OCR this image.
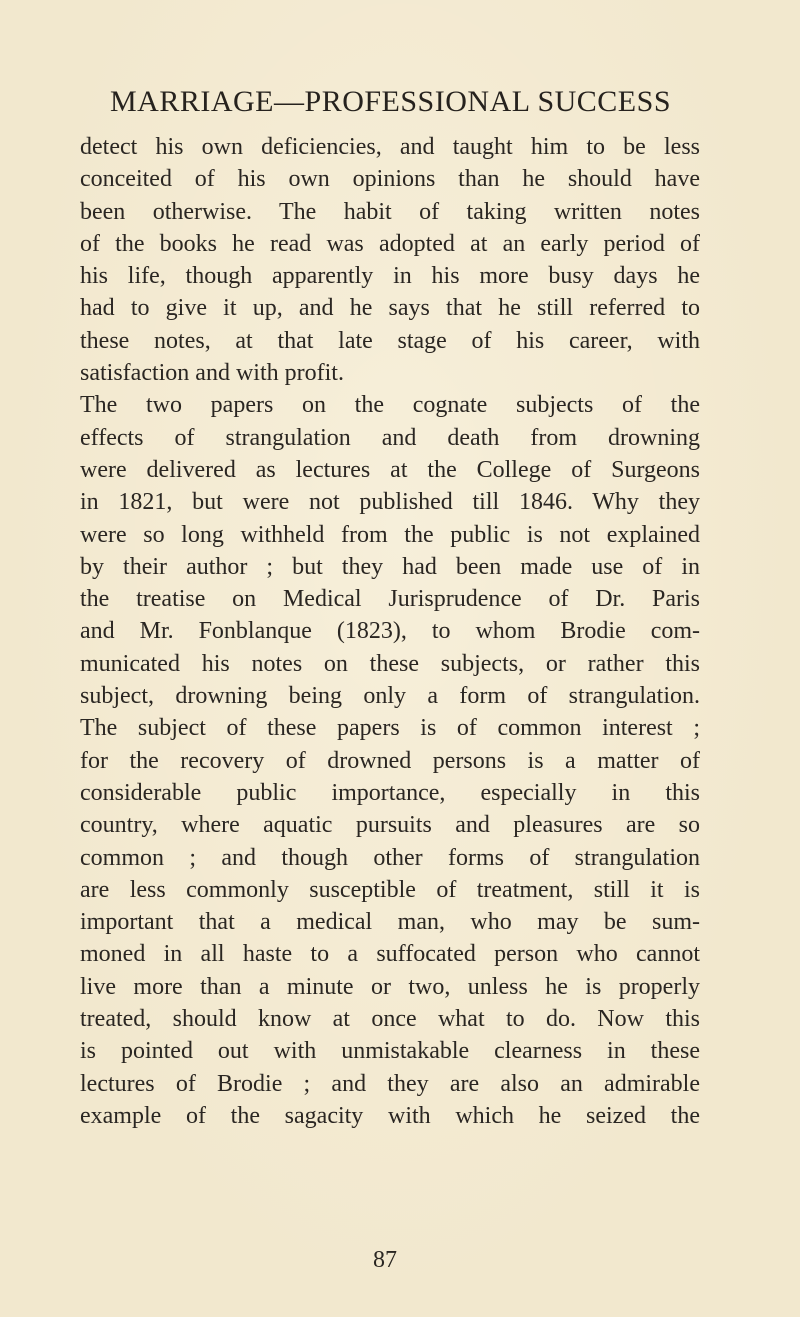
MARRIAGE—PROFESSIONAL SUCCESS
detect his own deficiencies, and taught him to be less
conceited of his own opinions than he should have
been otherwise. The habit of taking written notes
of the books he read was adopted at an early period of
his life, though apparently in his more busy days he
had to give it up, and he says that he still referred to
these notes, at that late stage of his career, with
satisfaction and with profit.
The two papers on the cognate subjects of the
effects of strangulation and death from drowning
were delivered as lectures at the College of Surgeons
in 1821, but were not published till 1846. Why they
were so long withheld from the public is not explained
by their author ; but they had been made use of in
the treatise on Medical Jurisprudence of Dr. Paris
and Mr. Fonblanque (1823), to whom Brodie com-
municated his notes on these subjects, or rather this
subject, drowning being only a form of strangulation.
The subject of these papers is of common interest ;
for the recovery of drowned persons is a matter of
considerable public importance, especially in this
country, where aquatic pursuits and pleasures are so
common ; and though other forms of strangulation
are less commonly susceptible of treatment, still it is
important that a medical man, who may be sum-
moned in all haste to a suffocated person who cannot
live more than a minute or two, unless he is properly
treated, should know at once what to do. Now this
is pointed out with unmistakable clearness in these
lectures of Brodie ; and they are also an admirable
example of the sagacity with which he seized the
87
